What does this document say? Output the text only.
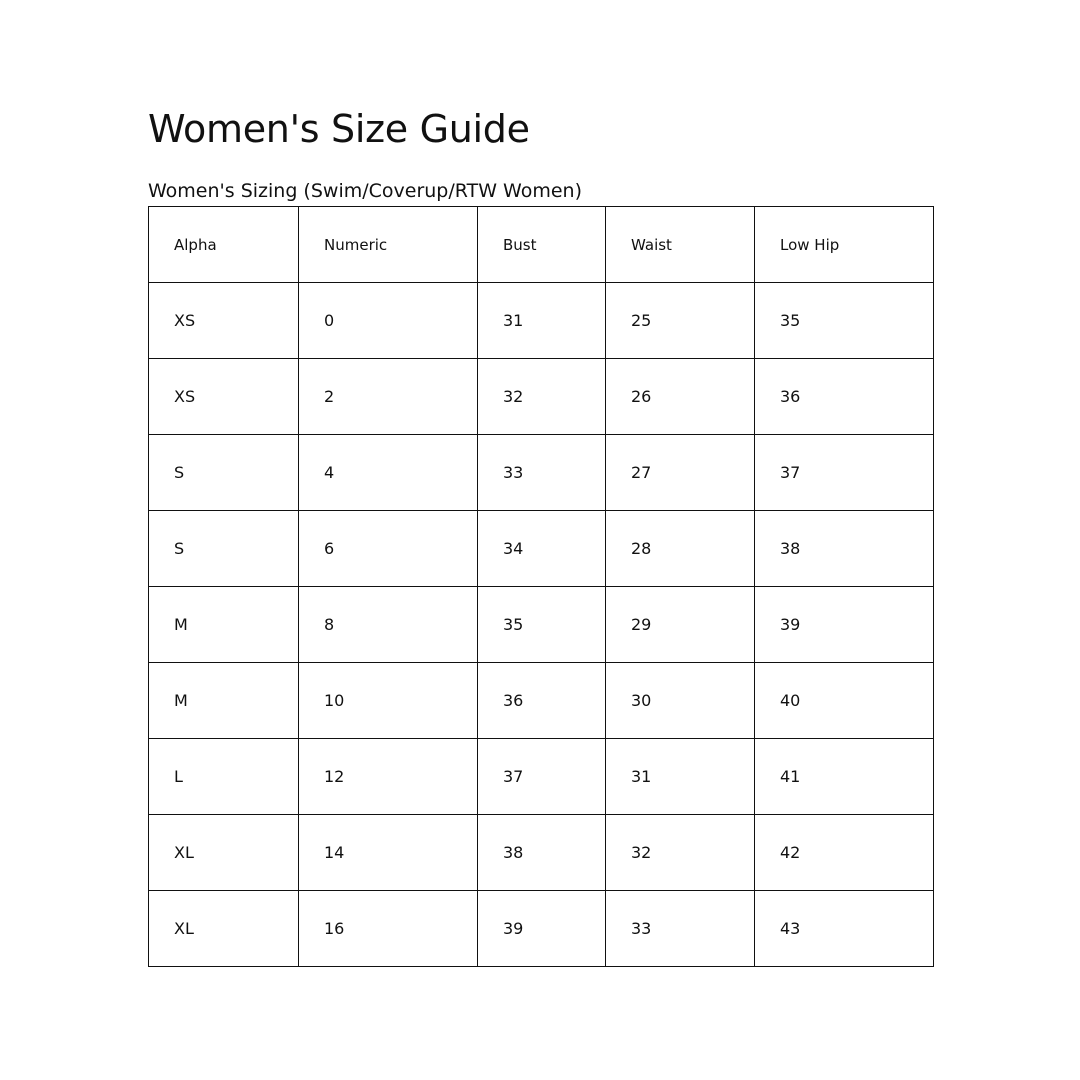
Women's Size Guide
Women's Sizing (Swim/Coverup/RTW Women)
Alpha	Numeric	Bust	Waist	Low Hip
XS	0	31	25	35
XS	2	32	26	36
S	4	33	27	37
S	6	34	28	38
M	8	35	29	39
M	10	36	30	40
L	12	37	31	41
XL	14	38	32	42
XL	16	39	33	43
